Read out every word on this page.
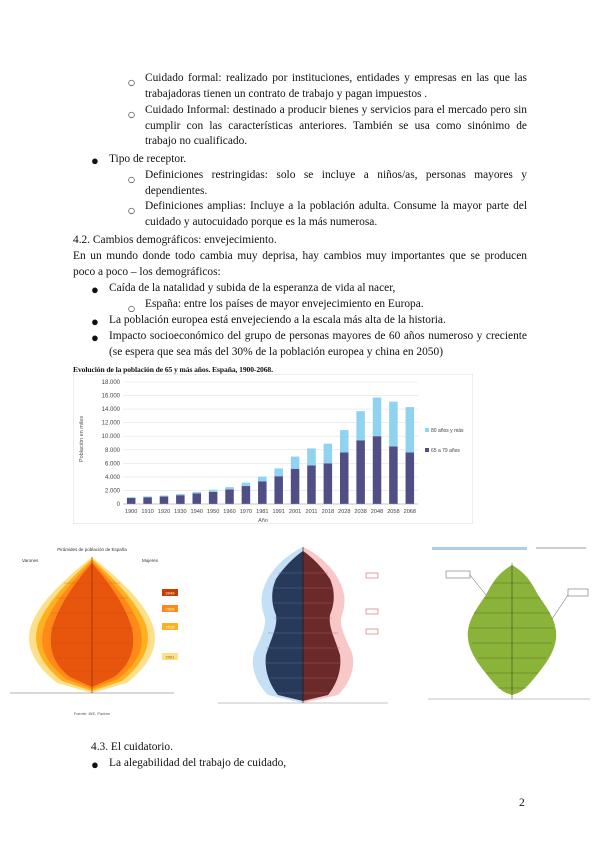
○ Cuidado formal: realizado por instituciones, entidades y empresas en las que las trabajadoras tienen un contrato de trabajo y pagan impuestos .
○ Cuidado Informal: destinado a producir bienes y servicios para el mercado pero sin cumplir con las características anteriores. También se usa como sinónimo de trabajo no cualificado.
● Tipo de receptor.
○ Definiciones restringidas: solo se incluye a niños/as, personas mayores y dependientes.
○ Definiciones amplias: Incluye a la población adulta. Consume la mayor parte del cuidado y autocuidado porque es la más numerosa.
4.2. Cambios demográficos: envejecimiento.
En un mundo donde todo cambia muy deprisa, hay cambios muy importantes que se producen poco a poco – los demográficos:
● Caída de la natalidad y subida de la esperanza de vida al nacer,
○ España: entre los países de mayor envejecimiento en Europa.
● La población europea está envejeciendo a la escala más alta de la historia.
● Impacto socioeconómico del grupo de personas mayores de 60 años numeroso y creciente (se espera que sea más del 30% de la población europea y china en 2050)
Evolución de la población de 65 y más años. España, 1900-2068.
0
2.000
4.000
6.000
8.000
10.000
12.000
14.000
16.000
18.000
1900 1910 1920 1930 1940 1950 1960 1970 1981 1991 2001 2011 2018 2028 2038 2048 2058 2068
Población en miles
Año
80 años y más
65 a 79 años
Pirámides de población de España
Varones	Mujeres
2049
2029
2018
2001
Fuente: INE, Padrón
4.3. El cuidatorio.
● La alegabilidad del trabajo de cuidado,
2
